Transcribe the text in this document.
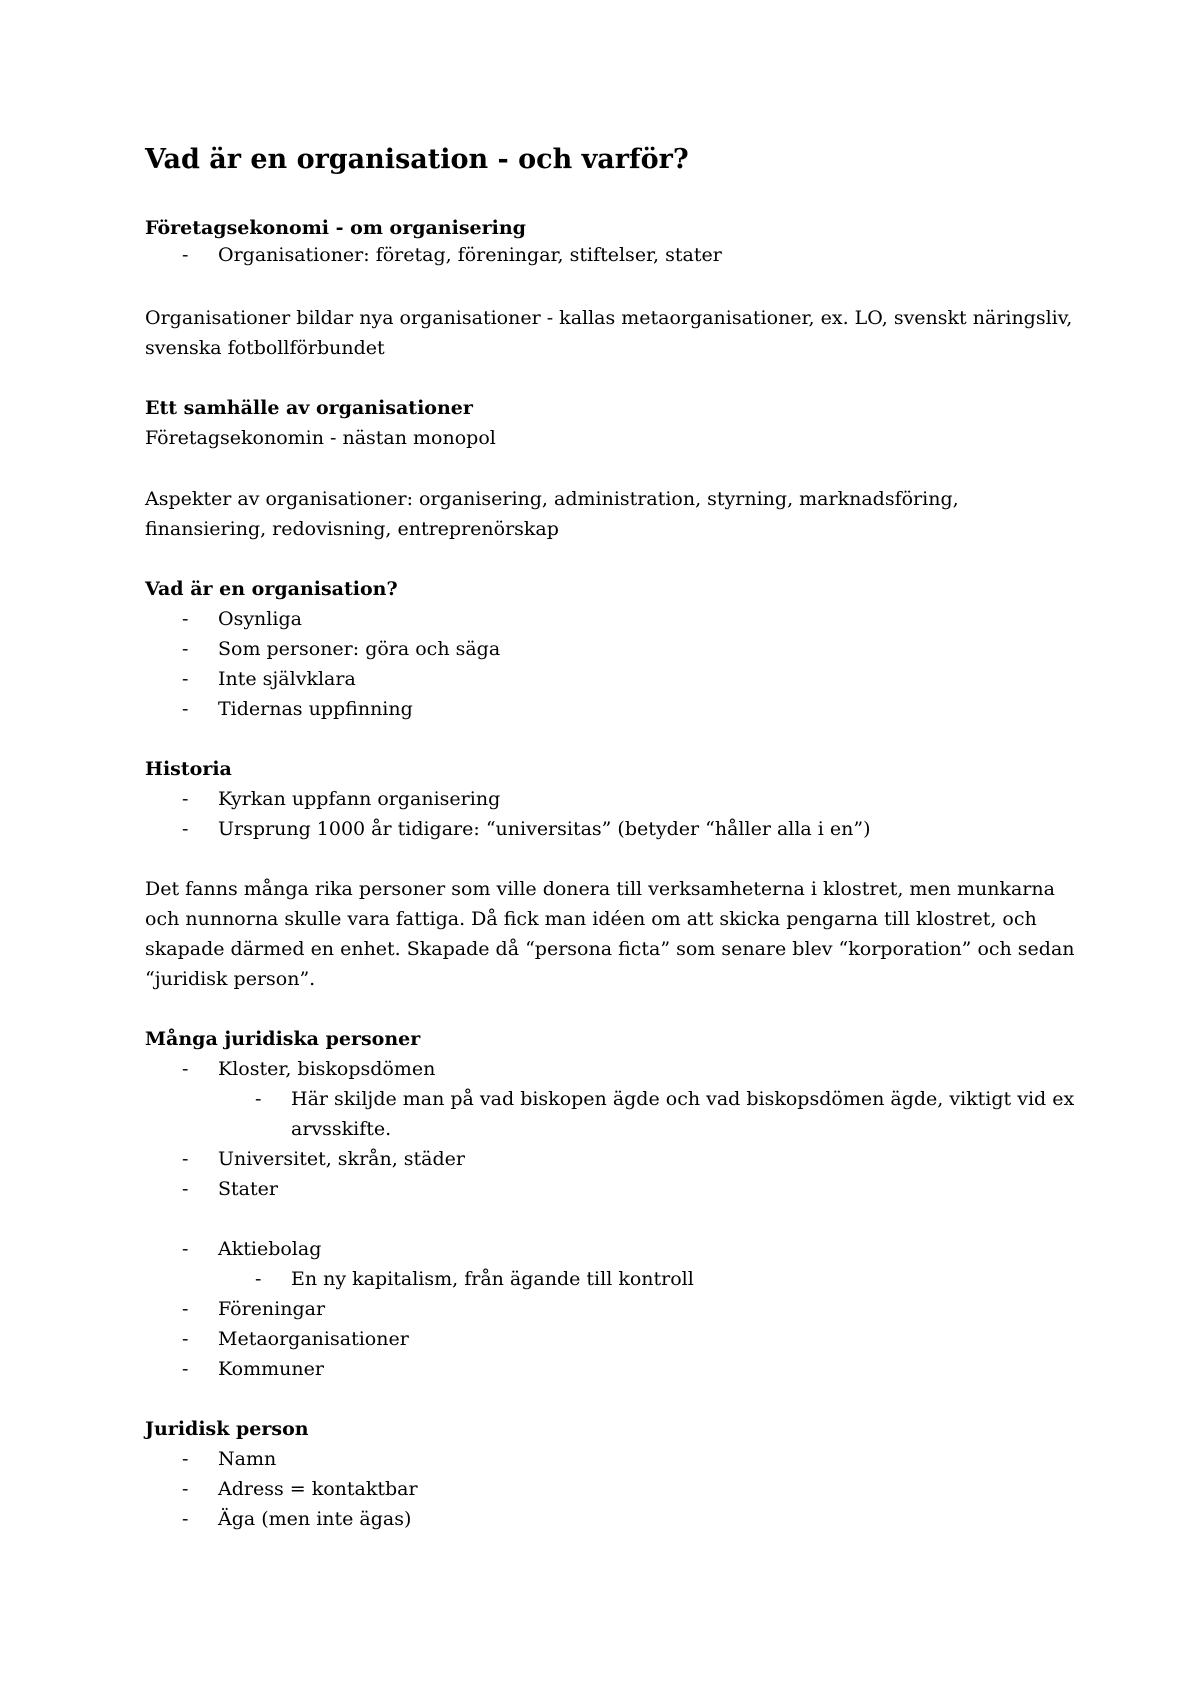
Vad är en organisation - och varför?
Företagsekonomi - om organisering
- Organisationer: företag, föreningar, stiftelser, stater
Organisationer bildar nya organisationer - kallas metaorganisationer, ex. LO, svenskt näringsliv,
svenska fotbollförbundet
Ett samhälle av organisationer
Företagsekonomin - nästan monopol
Aspekter av organisationer: organisering, administration, styrning, marknadsföring,
finansiering, redovisning, entreprenörskap
Vad är en organisation?
- Osynliga
- Som personer: göra och säga
- Inte självklara
- Tidernas uppfinning
Historia
- Kyrkan uppfann organisering
- Ursprung 1000 år tidigare: “universitas” (betyder “håller alla i en”)
Det fanns många rika personer som ville donera till verksamheterna i klostret, men munkarna
och nunnorna skulle vara fattiga. Då fick man idéen om att skicka pengarna till klostret, och
skapade därmed en enhet. Skapade då “persona ficta” som senare blev “korporation” och sedan
“juridisk person”.
Många juridiska personer
- Kloster, biskopsdömen
- Här skiljde man på vad biskopen ägde och vad biskopsdömen ägde, viktigt vid ex
arvsskifte.
- Universitet, skrån, städer
- Stater
- Aktiebolag
- En ny kapitalism, från ägande till kontroll
- Föreningar
- Metaorganisationer
- Kommuner
Juridisk person
- Namn
- Adress = kontaktbar
- Äga (men inte ägas)
